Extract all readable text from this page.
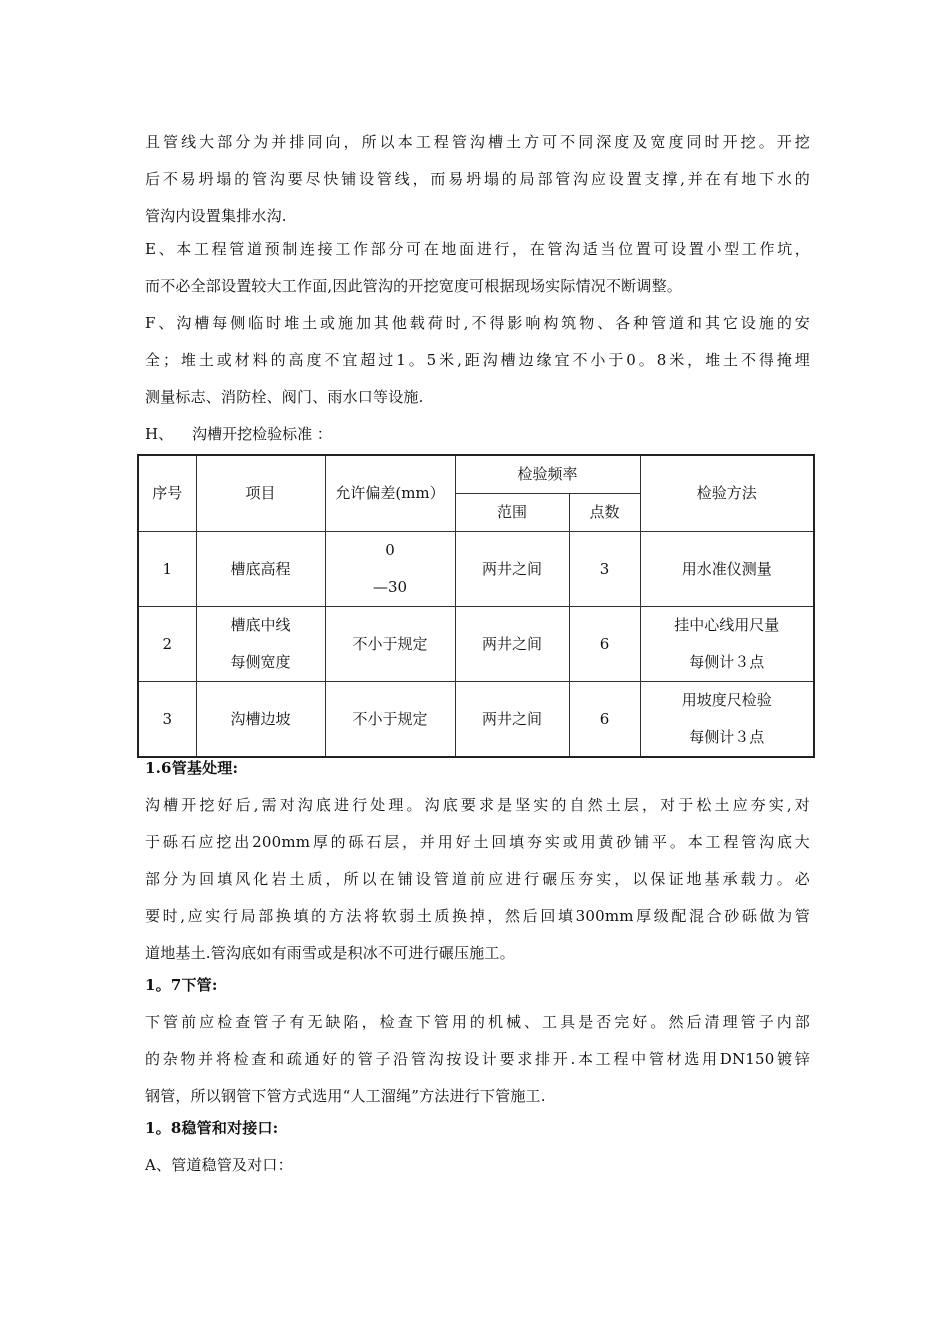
且管线大部分为并排同向，所以本工程管沟槽土方可不同深度及宽度同时开挖。开挖
后不易坍塌的管沟要尽快铺设管线，而易坍塌的局部管沟应设置支撑,并在有地下水的
管沟内设置集排水沟.
E、本工程管道预制连接工作部分可在地面进行，在管沟适当位置可设置小型工作坑，
而不必全部设置较大工作面,因此管沟的开挖宽度可根据现场实际情况不断调整。
F、沟槽每侧临时堆土或施加其他载荷时,不得影响构筑物、各种管道和其它设施的安
全；堆土或材料的高度不宜超过1。5米,距沟槽边缘宜不小于0。8米，堆土不得掩埋
测量标志、消防栓、阀门、雨水口等设施.
H、    沟槽开挖检验标准 ：
序号	项目	允许偏差(mm）	检验频率		检验方法
			范围	点数	
1	槽底高程	0
—30	两井之间	3	用水准仪测量

2	槽底中线
每侧宽度	不小于规定	两井之间	6	挂中心线用尺量
每侧计３点

3	沟槽边坡	不小于规定	两井之间	6	用坡度尺检验
每侧计３点
1.6管基处理:
沟槽开挖好后,需对沟底进行处理。沟底要求是坚实的自然土层，对于松土应夯实,对
于砾石应挖出200mm厚的砾石层，并用好土回填夯实或用黄砂铺平。本工程管沟底大
部分为回填风化岩土质，所以在铺设管道前应进行碾压夯实，以保证地基承载力。必
要时,应实行局部换填的方法将软弱土质换掉，然后回填300mm厚级配混合砂砾做为管
道地基土.管沟底如有雨雪或是积冰不可进行碾压施工。
1。7下管:
下管前应检查管子有无缺陷，检查下管用的机械、工具是否完好。然后清理管子内部
的杂物并将检查和疏通好的管子沿管沟按设计要求排开.本工程中管材选用DN150镀锌
钢管，所以钢管下管方式选用“人工溜绳”方法进行下管施工.
1。8稳管和对接口:
A、管道稳管及对口：
